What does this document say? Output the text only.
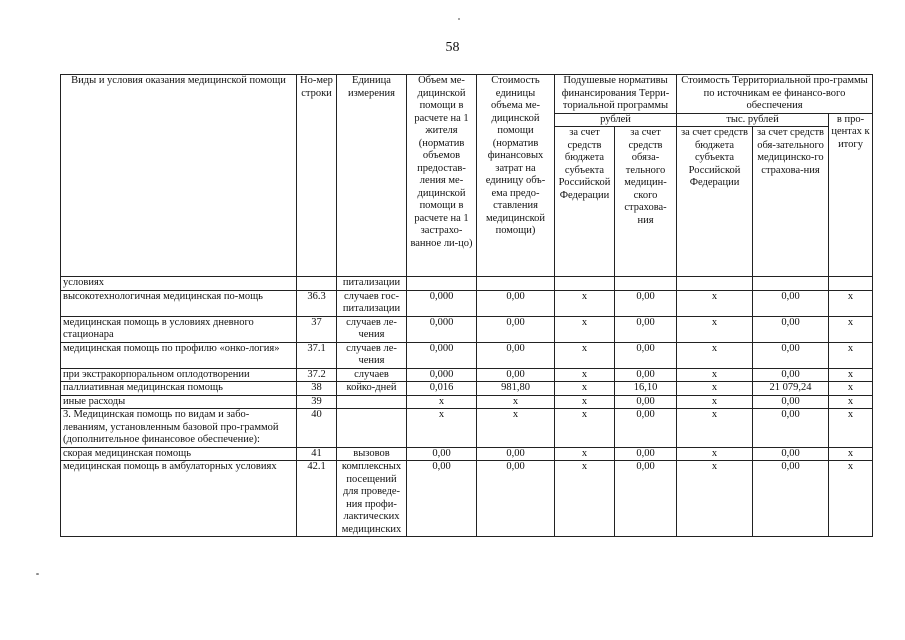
58
Виды и условия оказания медицинской помощи	Но-мер строки	Единица измерения	Объем ме-дицинской помощи в расчете на 1 жителя (норматив объемов предостав-ления ме-дицинской помощи в расчете на 1 застрахо-ванное ли-цо)	Стоимость единицы объема ме-дицинской помощи (норматив финансовых затрат на единицу объ-ема предо-ставления медицинской помощи)	Подушевые нормативы финансирования Терри-ториальной программы		Стоимость Территориальной про-граммы по источникам ее финансо-вого обеспечения		
					рублей		тыс. рублей		в про-центах к итогу
					за счет средств бюджета субъекта Российской Федерации	за счет средств обяза-тельного медицин-ского страхова-ния	за счет средств бюджета субъекта Российской Федерации	за счет средств обя-зательного медицинско-го страхова-ния	
условиях		питализации							
высокотехнологичная медицинская по-мощь	36.3	случаев гос-питализации	0,000	0,00	х	0,00	х	0,00	х
медицинская помощь в условиях дневного стационара	37	случаев ле-чения	0,000	0,00	х	0,00	х	0,00	х
медицинская помощь по профилю «онко-логия»	37.1	случаев ле-чения	0,000	0,00	х	0,00	х	0,00	х
при экстракорпоральном оплодотворении	37.2	случаев	0,000	0,00	х	0,00	х	0,00	х
паллиативная медицинская помощь	38	койко-дней	0,016	981,80	х	16,10	х	21 079,24	х
иные расходы	39		х	х	х	0,00	х	0,00	х
3. Медицинская помощь по видам и забо-леваниям, установленным базовой про-граммой (дополнительное финансовое обеспечение):	40		х	х	х	0,00	х	0,00	х
скорая медицинская помощь	41	вызовов	0,00	0,00	х	0,00	х	0,00	х
медицинская помощь в амбулаторных условиях	42.1	комплексных посещений для проведе-ния профи-лактических медицинских	0,00	0,00	х	0,00	х	0,00	х
